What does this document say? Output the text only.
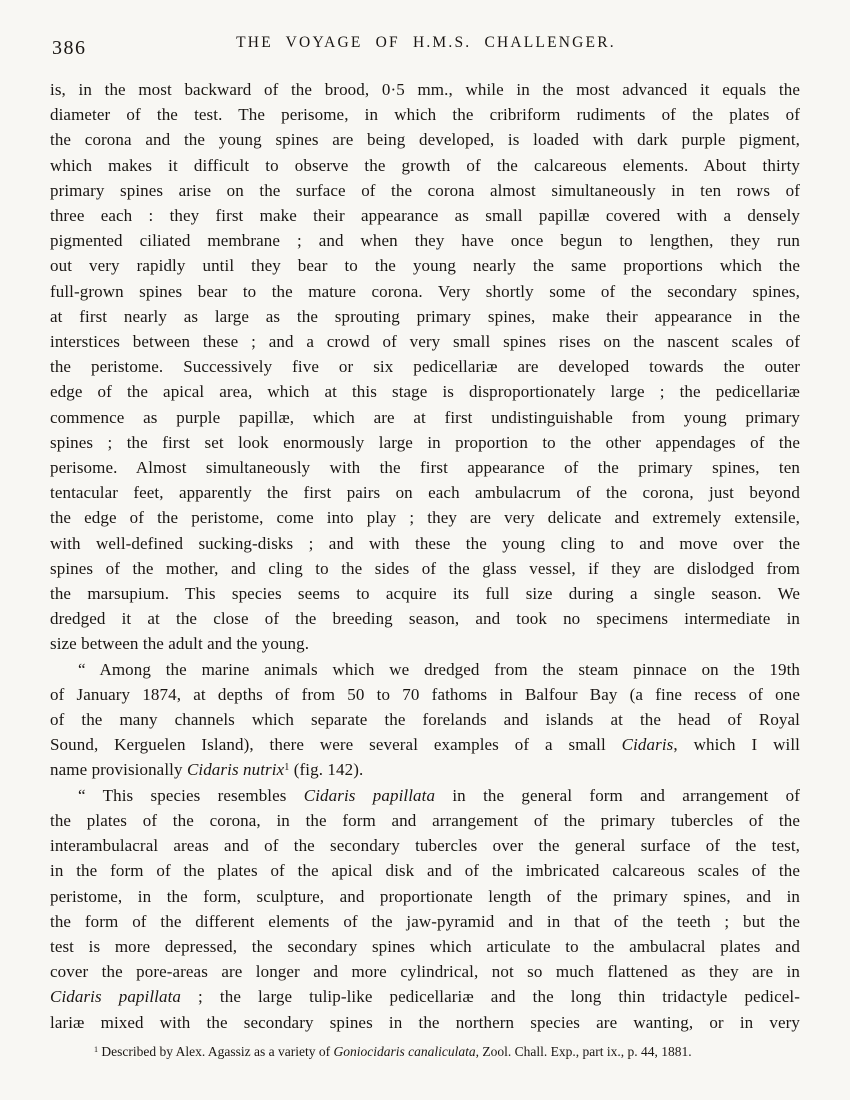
386	THE VOYAGE OF H.M.S. CHALLENGER.
is, in the most backward of the brood, 0·5 mm., while in the most advanced it equals the
diameter of the test. The perisome, in which the cribriform rudiments of the plates of
the corona and the young spines are being developed, is loaded with dark purple pigment,
which makes it difficult to observe the growth of the calcareous elements. About thirty
primary spines arise on the surface of the corona almost simultaneously in ten rows of
three each : they first make their appearance as small papillæ covered with a densely
pigmented ciliated membrane ; and when they have once begun to lengthen, they run
out very rapidly until they bear to the young nearly the same proportions which the
full-grown spines bear to the mature corona. Very shortly some of the secondary spines,
at first nearly as large as the sprouting primary spines, make their appearance in the
interstices between these ; and a crowd of very small spines rises on the nascent scales of
the peristome. Successively five or six pedicellariæ are developed towards the outer
edge of the apical area, which at this stage is disproportionately large ; the pedicellariæ
commence as purple papillæ, which are at first undistinguishable from young primary
spines ; the first set look enormously large in proportion to the other appendages of the
perisome. Almost simultaneously with the first appearance of the primary spines, ten
tentacular feet, apparently the first pairs on each ambulacrum of the corona, just beyond
the edge of the peristome, come into play ; they are very delicate and extremely extensile,
with well-defined sucking-disks ; and with these the young cling to and move over the
spines of the mother, and cling to the sides of the glass vessel, if they are dislodged from
the marsupium. This species seems to acquire its full size during a single season. We
dredged it at the close of the breeding season, and took no specimens intermediate in
size between the adult and the young.
“ Among the marine animals which we dredged from the steam pinnace on the 19th
of January 1874, at depths of from 50 to 70 fathoms in Balfour Bay (a fine recess of one
of the many channels which separate the forelands and islands at the head of Royal
Sound, Kerguelen Island), there were several examples of a small Cidaris, which I will
name provisionally Cidaris nutrix$^1$ (fig. 142).
“ This species resembles Cidaris papillata in the general form and arrangement of
the plates of the corona, in the form and arrangement of the primary tubercles of the
interambulacral areas and of the secondary tubercles over the general surface of the test,
in the form of the plates of the apical disk and of the imbricated calcareous scales of the
peristome, in the form, sculpture, and proportionate length of the primary spines, and in
the form of the different elements of the jaw-pyramid and in that of the teeth ; but the
test is more depressed, the secondary spines which articulate to the ambulacral plates and
cover the pore-areas are longer and more cylindrical, not so much flattened as they are in
Cidaris papillata ; the large tulip-like pedicellariæ and the long thin tridactyle pedicel-
lariæ mixed with the secondary spines in the northern species are wanting, or in very
$^1$ Described by Alex. Agassiz as a variety of Goniocidaris canaliculata, Zool. Chall. Exp., part ix., p. 44, 1881.
